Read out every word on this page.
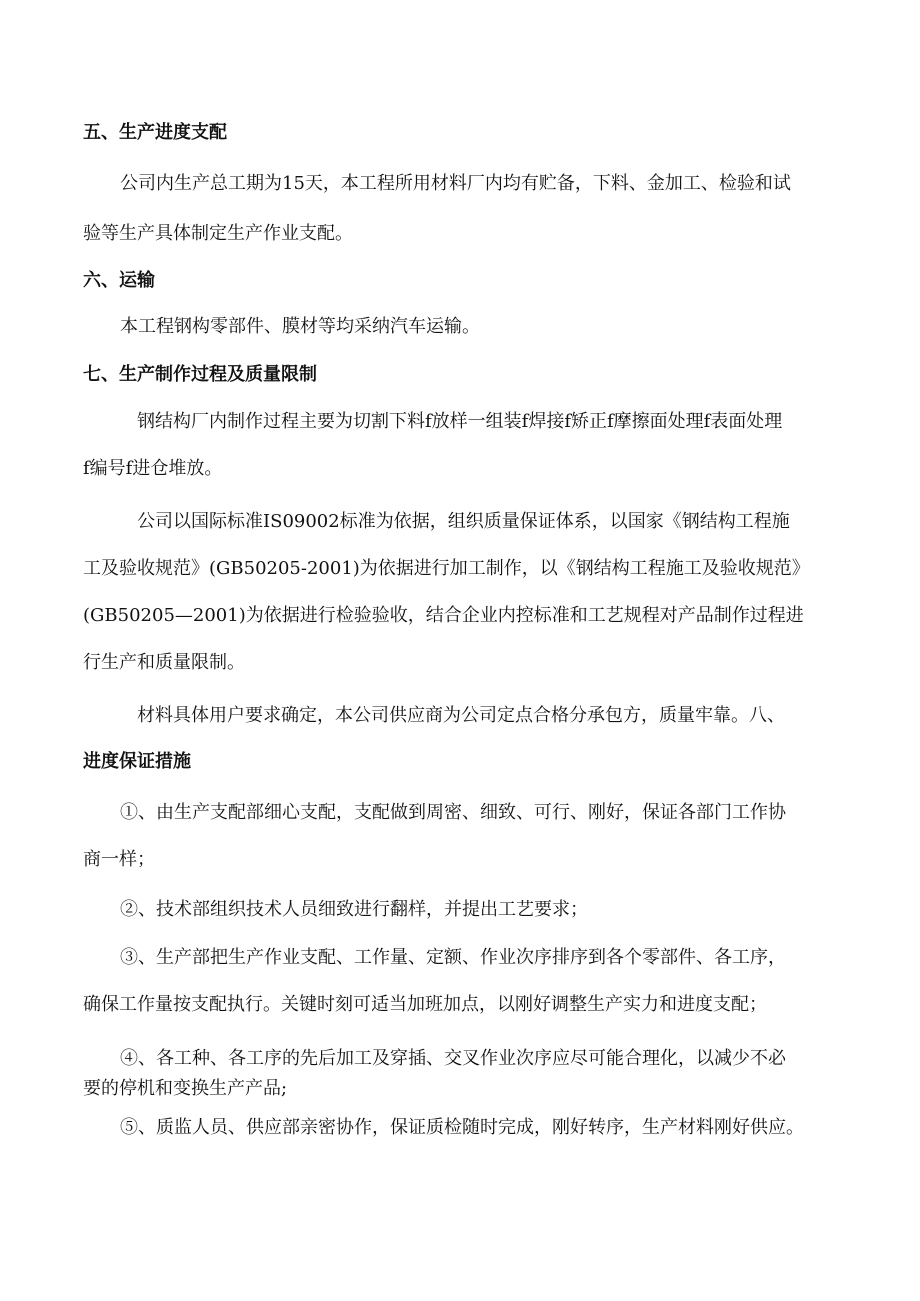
五、生产进度支配
公司内生产总工期为15天，本工程所用材料厂内均有贮备，下料、金加工、检验和试
验等生产具体制定生产作业支配。
六、运输
本工程钢构零部件、膜材等均采纳汽车运输。
七、生产制作过程及质量限制
钢结构厂内制作过程主要为切割下料f放样一组装f焊接f矫正f摩擦面处理f表面处理
f编号f进仓堆放。
公司以国际标准IS09002标准为依据，组织质量保证体系，以国家《钢结构工程施
工及验收规范》(GB50205-2001)为依据进行加工制作，以《钢结构工程施工及验收规范》
(GB50205—2001)为依据进行检验验收，结合企业内控标准和工艺规程对产品制作过程进
行生产和质量限制。
材料具体用户要求确定，本公司供应商为公司定点合格分承包方，质量牢靠。八、
进度保证措施
①、由生产支配部细心支配，支配做到周密、细致、可行、刚好，保证各部门工作协
商一样；
②、技术部组织技术人员细致进行翻样，并提出工艺要求；
③、生产部把生产作业支配、工作量、定额、作业次序排序到各个零部件、各工序，
确保工作量按支配执行。关键时刻可适当加班加点，以刚好调整生产实力和进度支配；
④、各工种、各工序的先后加工及穿插、交叉作业次序应尽可能合理化，以减少不必
要的停机和变换生产产品;
⑤、质监人员、供应部亲密协作，保证质检随时完成，刚好转序，生产材料刚好供应。
